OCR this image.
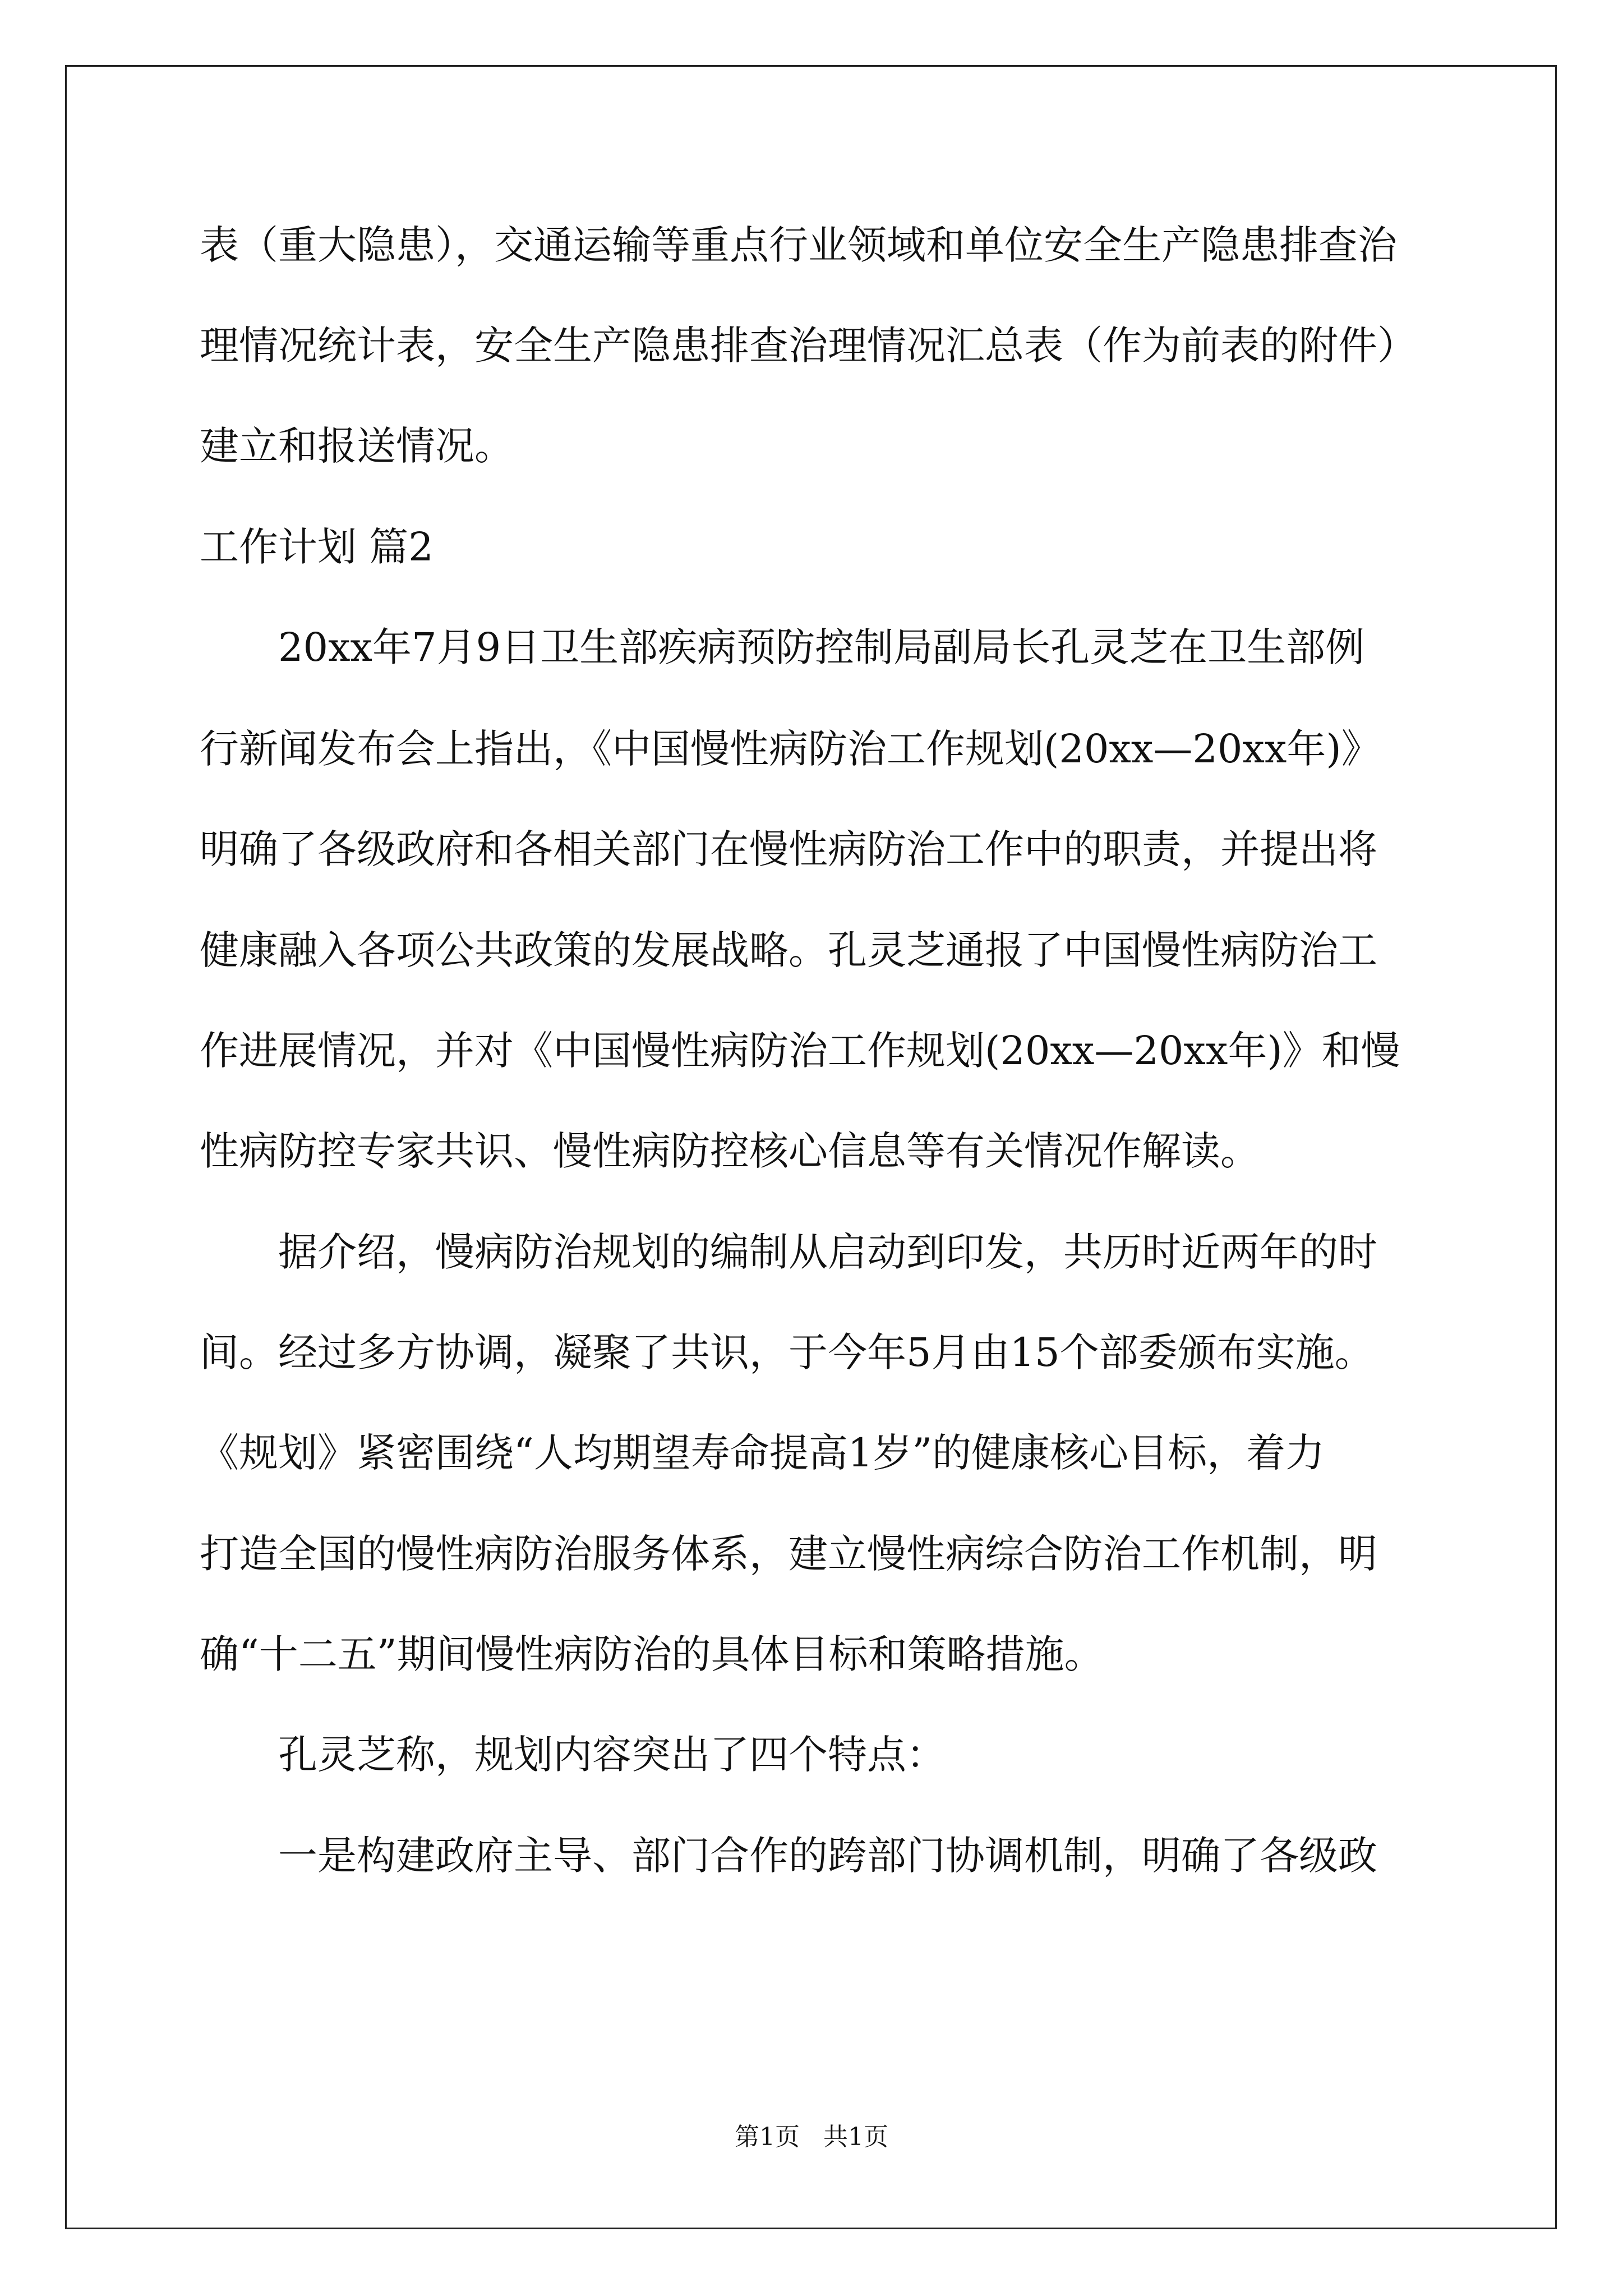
表（重大隐患），交通运输等重点行业领域和单位安全生产隐患排查治
理情况统计表，安全生产隐患排查治理情况汇总表（作为前表的附件）
建立和报送情况。
工作计划 篇2
20xx年7月9日卫生部疾病预防控制局副局长孔灵芝在卫生部例
行新闻发布会上指出，《中国慢性病防治工作规划(20xx—20xx年)》
明确了各级政府和各相关部门在慢性病防治工作中的职责，并提出将
健康融入各项公共政策的发展战略。孔灵芝通报了中国慢性病防治工
作进展情况，并对《中国慢性病防治工作规划(20xx—20xx年)》和慢
性病防控专家共识、慢性病防控核心信息等有关情况作解读。
据介绍，慢病防治规划的编制从启动到印发，共历时近两年的时
间。经过多方协调，凝聚了共识，于今年5月由15个部委颁布实施。
《规划》紧密围绕“人均期望寿命提高1岁”的健康核心目标，着力
打造全国的慢性病防治服务体系，建立慢性病综合防治工作机制，明
确“十二五”期间慢性病防治的具体目标和策略措施。
孔灵芝称，规划内容突出了四个特点：
一是构建政府主导、部门合作的跨部门协调机制，明确了各级政
第1页   共1页
